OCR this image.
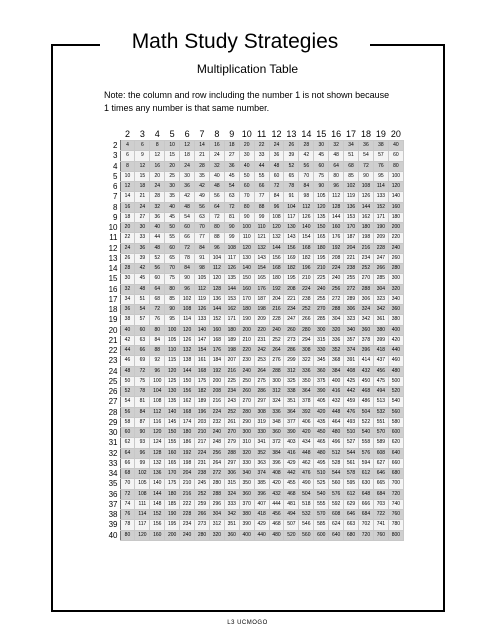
Math Study Strategies
Multiplication Table
Note: the column and row including the number 1 is not shown because 1 times any number is that same number.
	2	3	4	5	6	7	8	9	10	11	12	13	14	15	16	17	18	19	20
2	4	6	8	10	12	14	16	18	20	22	24	26	28	30	32	34	36	38	40
3	6	9	12	15	18	21	24	27	30	33	36	39	42	45	48	51	54	57	60
4	8	12	16	20	24	28	32	36	40	44	48	52	56	60	64	68	72	76	80
5	10	15	20	25	30	35	40	45	50	55	60	65	70	75	80	85	90	95	100
6	12	18	24	30	36	42	48	54	60	66	72	78	84	90	96	102	108	114	120
7	14	21	28	35	42	49	56	63	70	77	84	91	98	105	112	119	126	133	140
8	16	24	32	40	48	56	64	72	80	88	96	104	112	120	128	136	144	152	160
9	18	27	36	45	54	63	72	81	90	99	108	117	126	135	144	153	162	171	180
10	20	30	40	50	60	70	80	90	100	110	120	130	140	150	160	170	180	190	200
11	22	33	44	55	66	77	88	99	110	121	132	143	154	165	176	187	198	209	220
12	24	36	48	60	72	84	96	108	120	132	144	156	168	180	192	204	216	228	240
13	26	39	52	65	78	91	104	117	130	143	156	169	182	195	208	221	234	247	260
14	28	42	56	70	84	98	112	126	140	154	168	182	196	210	224	238	252	266	280
15	30	45	60	75	90	105	120	135	150	165	180	195	210	225	240	255	270	285	300
16	32	48	64	80	96	112	128	144	160	176	192	208	224	240	256	272	288	304	320
17	34	51	68	85	102	119	136	153	170	187	204	221	238	255	272	289	306	323	340
18	36	54	72	90	108	126	144	162	180	198	216	234	252	270	288	306	324	342	360
19	38	57	76	95	114	133	152	171	190	209	228	247	266	285	304	323	342	361	380
20	40	60	80	100	120	140	160	180	200	220	240	260	280	300	320	340	360	380	400
21	42	63	84	105	126	147	168	189	210	231	252	273	294	315	336	357	378	399	420
22	44	66	88	110	132	154	176	198	220	242	264	286	308	330	352	374	396	418	440
23	46	69	92	115	138	161	184	207	230	253	276	299	322	345	368	391	414	437	460
24	48	72	96	120	144	168	192	216	240	264	288	312	336	360	384	408	432	456	480
25	50	75	100	125	150	175	200	225	250	275	300	325	350	375	400	425	450	475	500
26	52	78	104	130	156	182	208	234	260	286	312	338	364	390	416	442	468	494	520
27	54	81	108	135	162	189	216	243	270	297	324	351	378	405	432	459	486	513	540
28	56	84	112	140	168	196	224	252	280	308	336	364	392	420	448	476	504	532	560
29	58	87	116	145	174	203	232	261	290	319	348	377	406	435	464	493	522	551	580
30	60	90	120	150	180	210	240	270	300	330	360	390	420	450	480	510	540	570	600
31	62	93	124	155	186	217	248	279	310	341	372	403	434	465	496	527	558	589	620
32	64	96	128	160	192	224	256	288	320	352	384	416	448	480	512	544	576	608	640
33	66	99	132	165	198	231	264	297	330	363	396	429	462	495	528	561	594	627	660
34	68	102	136	170	204	238	272	306	340	374	408	442	476	510	544	578	612	646	680
35	70	105	140	175	210	245	280	315	350	385	420	455	490	525	560	595	630	665	700
36	72	108	144	180	216	252	288	324	360	396	432	468	504	540	576	612	648	684	720
37	74	111	148	185	222	259	296	333	370	407	444	481	518	555	592	629	666	703	740
38	76	114	152	190	228	266	304	342	380	418	456	494	532	570	608	646	684	722	760
39	78	117	156	195	234	273	312	351	390	429	468	507	546	585	624	663	702	741	780
40	80	120	160	200	240	280	320	360	400	440	480	520	560	600	640	680	720	760	800
L3 UCMOGO
